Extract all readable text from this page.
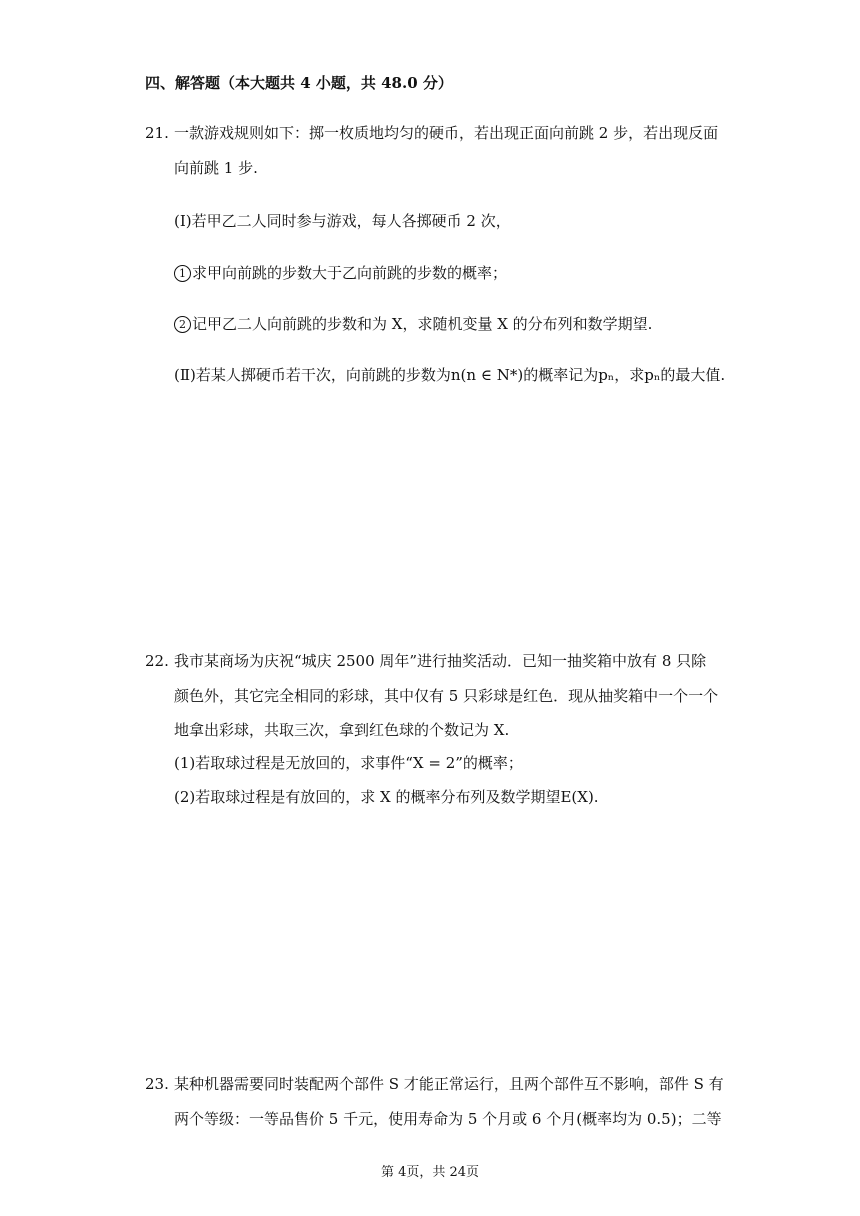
四、解答题（本大题共 4 小题，共 48.0 分）
21. 一款游戏规则如下：掷一枚质地均匀的硬币，若出现正面向前跳 2 步，若出现反面
向前跳 1 步.
(Ⅰ)若甲乙二人同时参与游戏，每人各掷硬币 2 次，
1 求甲向前跳的步数大于乙向前跳的步数的概率；
2 记甲乙二人向前跳的步数和为 X，求随机变量 X 的分布列和数学期望.
(Ⅱ)若某人掷硬币若干次，向前跳的步数为n(n ∈ N*)的概率记为pₙ，求pₙ的最大值.
22. 我市某商场为庆祝“城庆 2500 周年”进行抽奖活动．已知一抽奖箱中放有 8 只除
颜色外，其它完全相同的彩球，其中仅有 5 只彩球是红色．现从抽奖箱中一个一个
地拿出彩球，共取三次，拿到红色球的个数记为 X.
(1)若取球过程是无放回的，求事件“X = 2”的概率；
(2)若取球过程是有放回的，求 X 的概率分布列及数学期望E(X).
23. 某种机器需要同时装配两个部件 S 才能正常运行，且两个部件互不影响，部件 S 有
两个等级：一等品售价 5 千元，使用寿命为 5 个月或 6 个月(概率均为 0.5)；二等
第 4页，共 24页
